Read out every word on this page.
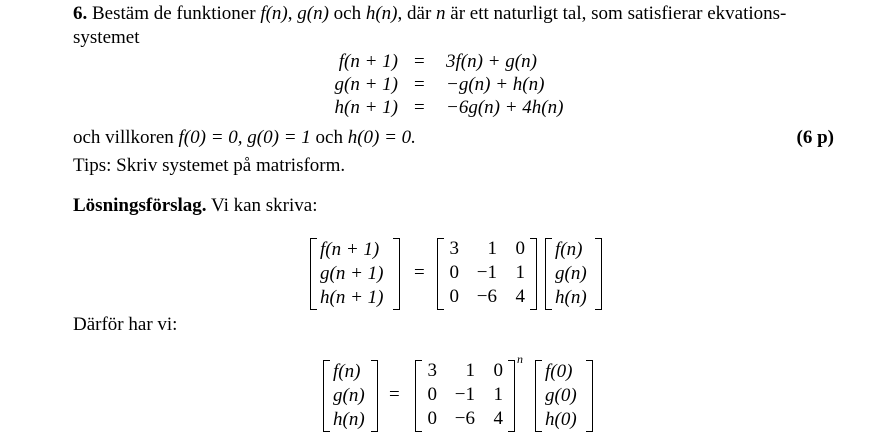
6. Bestäm de funktioner f(n), g(n) och h(n), där n är ett naturligt tal, som satisfierar ekvations-
systemet
f(n + 1) = 3f(n) + g(n)
g(n + 1) = −g(n) + h(n)
h(n + 1) = −6g(n) + 4h(n)
och villkoren f(0) = 0, g(0) = 1 och h(0) = 0.	(6 p)
Tips: Skriv systemet på matrisform.
Lösningsförslag. Vi kan skriva:
f(n + 1)
g(n + 1)
h(n + 1)
=
3	1 0
0 −1 1
0 −6 4
f(n)
g(n)
h(n)
Därför har vi:
f(n)
g(n)
h(n)
=
3	1 0
0 −1 1
0 −6 4
n
f(0)
g(0)
h(0)
